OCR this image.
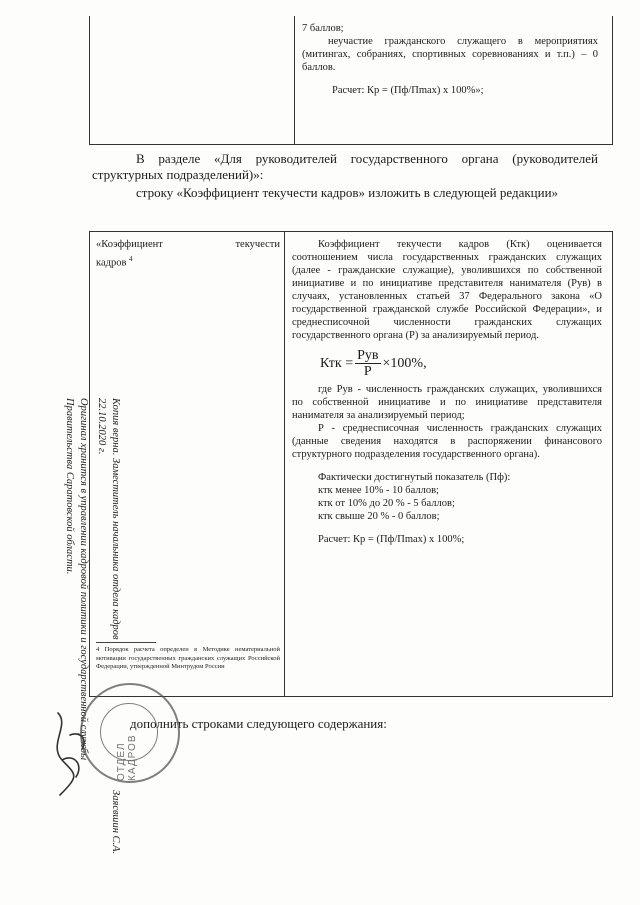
7 баллов;

неучастие гражданского служащего в мероприятиях (митингах, собраниях, спортивных соревнованиях и т.п.) – 0 баллов.

Расчет: Кр = (Пф/Пmax) х 100%»;

В разделе «Для руководителей государственного органа (руководителей структурных подразделений)»:

строку «Коэффициент текучести кадров» изложить в следующей редакции»

«Коэффициент	текучести
кадров $^4$
4 Порядок расчета определен в Методике нематериальной мотивации государственных гражданских служащих Российской Федерации, утвержденной Минтрудом России

Коэффициент текучести кадров (Ктк) оценивается соотношением числа государственных гражданских служащих (далее - гражданские служащие), уволившихся по собственной инициативе и по инициативе представителя нанимателя (Рув) в случаях, установленных статьей 37 Федерального закона «О государственной гражданской службе Российской Федерации», и среднесписочной численности гражданских служащих государственного органа (Р) за анализируемый период.

Ктк = $\frac{\text{Рув}}{Р} \times 100\%$,

где Рув - численность гражданских служащих, уволившихся по собственной инициативе и по инициативе представителя нанимателя за анализируемый период;

Р - среднесписочная численность гражданских служащих (данные сведения находятся в распоряжении финансового структурного подразделения государственного органа).

Фактически достигнутый показатель (Пф):

ктк менее 10% - 10 баллов;

ктк от 10% до 20 % - 5 баллов;

ктк свыше 20 % - 0 баллов;

Расчет: Кр = (Пф/Пmax) х 100%;

дополнить строками следующего содержания:
Копия верна. Заместитель начальника отдела кадров
22.10.2020 г.
Оригинал хранится в управлении кадровой политики и государственной службы
Правительства Саратовской области.
Заясвшин С.А.
ОТДЕЛ КАДРОВ
